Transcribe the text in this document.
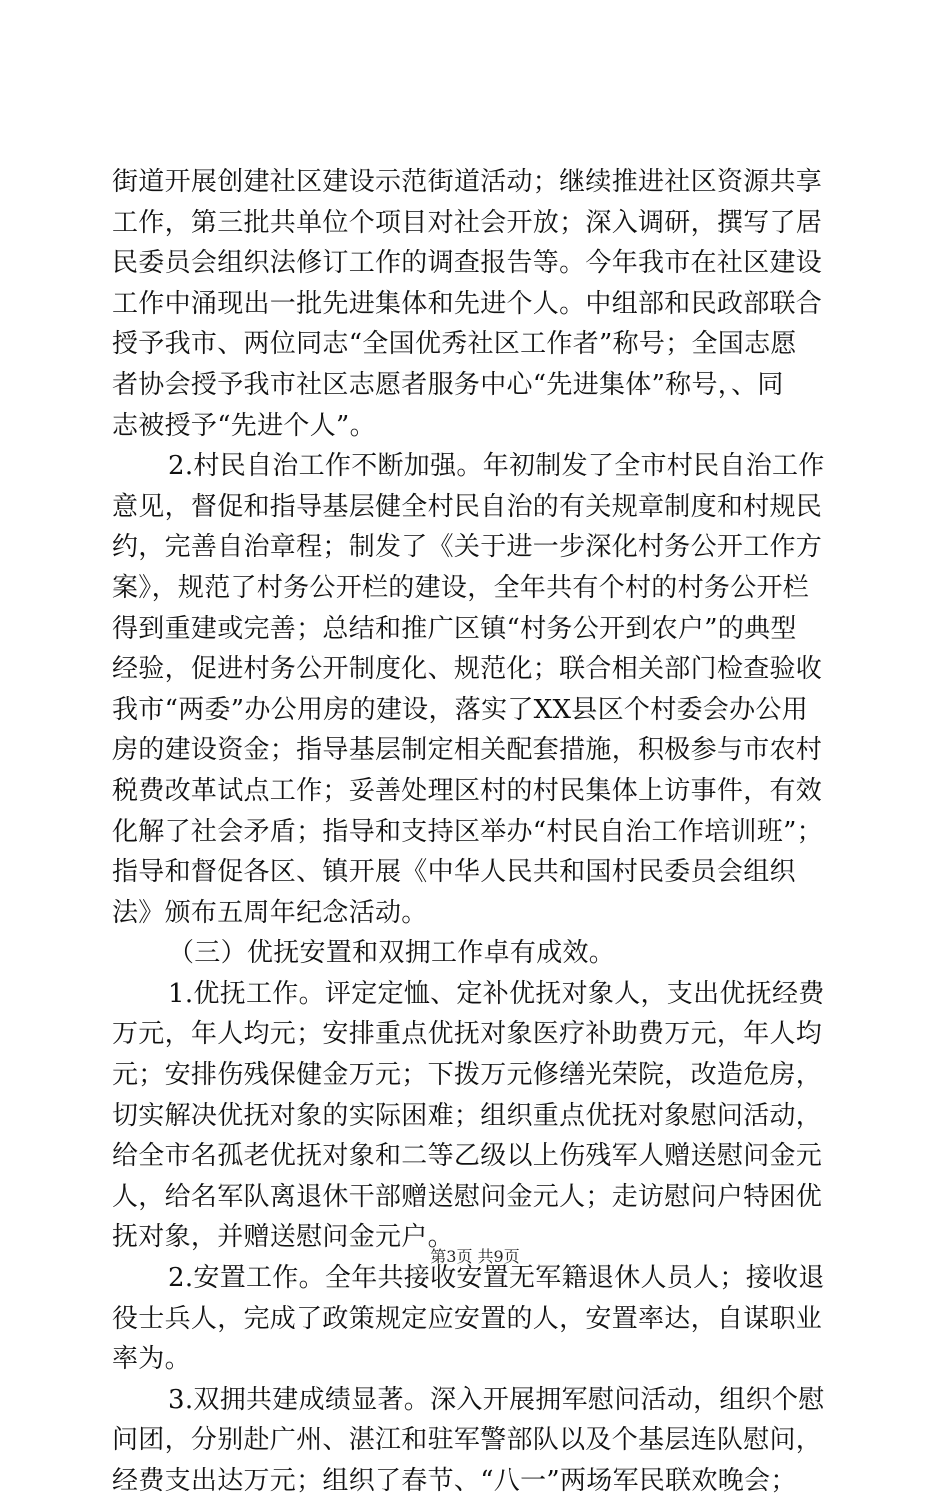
街道开展创建社区建设示范街道活动；继续推进社区资源共享
工作，第三批共单位个项目对社会开放；深入调研，撰写了居
民委员会组织法修订工作的调查报告等。今年我市在社区建设
工作中涌现出一批先进集体和先进个人。中组部和民政部联合
授予我市、两位同志“全国优秀社区工作者”称号；全国志愿
者协会授予我市社区志愿者服务中心“先进集体”称号，、同
志被授予“先进个人”。
2.村民自治工作不断加强。年初制发了全市村民自治工作
意见，督促和指导基层健全村民自治的有关规章制度和村规民
约，完善自治章程；制发了《关于进一步深化村务公开工作方
案》，规范了村务公开栏的建设，全年共有个村的村务公开栏
得到重建或完善；总结和推广区镇“村务公开到农户”的典型
经验，促进村务公开制度化、规范化；联合相关部门检查验收
我市“两委”办公用房的建设，落实了XX县区个村委会办公用
房的建设资金；指导基层制定相关配套措施，积极参与市农村
税费改革试点工作；妥善处理区村的村民集体上访事件，有效
化解了社会矛盾；指导和支持区举办“村民自治工作培训班”；
指导和督促各区、镇开展《中华人民共和国村民委员会组织
法》颁布五周年纪念活动。
（三）优抚安置和双拥工作卓有成效。
1.优抚工作。评定定恤、定补优抚对象人，支出优抚经费
万元，年人均元；安排重点优抚对象医疗补助费万元，年人均
元；安排伤残保健金万元；下拨万元修缮光荣院，改造危房，
切实解决优抚对象的实际困难；组织重点优抚对象慰问活动，
给全市名孤老优抚对象和二等乙级以上伤残军人赠送慰问金元
人，给名军队离退休干部赠送慰问金元人；走访慰问户特困优
抚对象，并赠送慰问金元户。
2.安置工作。全年共接收安置无军籍退休人员人；接收退
役士兵人，完成了政策规定应安置的人，安置率达，自谋职业
率为。
3.双拥共建成绩显著。深入开展拥军慰问活动，组织个慰
问团，分别赴广州、湛江和驻军警部队以及个基层连队慰问，
经费支出达万元；组织了春节、“八一”两场军民联欢晚会；
第3页 共9页
